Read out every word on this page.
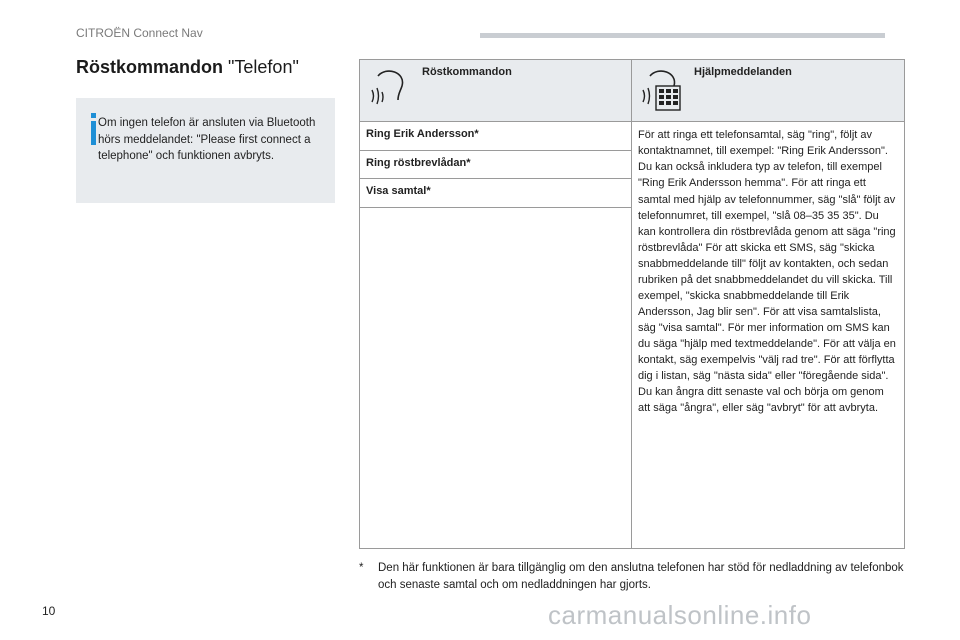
CITROËN Connect Nav
Röstkommandon "Telefon"
Om ingen telefon är ansluten via Bluetooth hörs meddelandet: "Please first connect a telephone" och funktionen avbryts.
Röstkommandon	Hjälpmeddelanden

Ring Erik Andersson*	För att ringa ett telefonsamtal, säg "ring", följt av kontaktnamnet, till exempel: "Ring Erik Andersson". Du kan också inkludera typ av telefon, till exempel "Ring Erik Andersson hemma". För att ringa ett samtal med hjälp av telefonnummer, säg "slå" följt av telefonnumret, till exempel, "slå 08–35 35 35". Du kan kontrollera din röstbrevlåda genom att säga "ring röstbrevlåda" För att skicka ett SMS, säg "skicka snabbmeddelande till" följt av kontakten, och sedan rubriken på det snabbmeddelandet du vill skicka. Till exempel, "skicka snabbmeddelande till Erik Andersson, Jag blir sen". För att visa samtalslista, säg "visa samtal". För mer information om SMS kan du säga "hjälp med textmeddelande". För att välja en kontakt, säg exempelvis "välj rad tre". För att förflytta dig i listan, säg "nästa sida" eller "föregående sida". Du kan ångra ditt senaste val och börja om genom att säga "ångra", eller säg "avbryt" för att avbryta.
Ring röstbrevlådan*	
Visa samtal*	

* Den här funktionen är bara tillgänglig om den anslutna telefonen har stöd för nedladdning av telefonbok och senaste samtal och om nedladdningen har gjorts.
10	carmanualsonline.info
